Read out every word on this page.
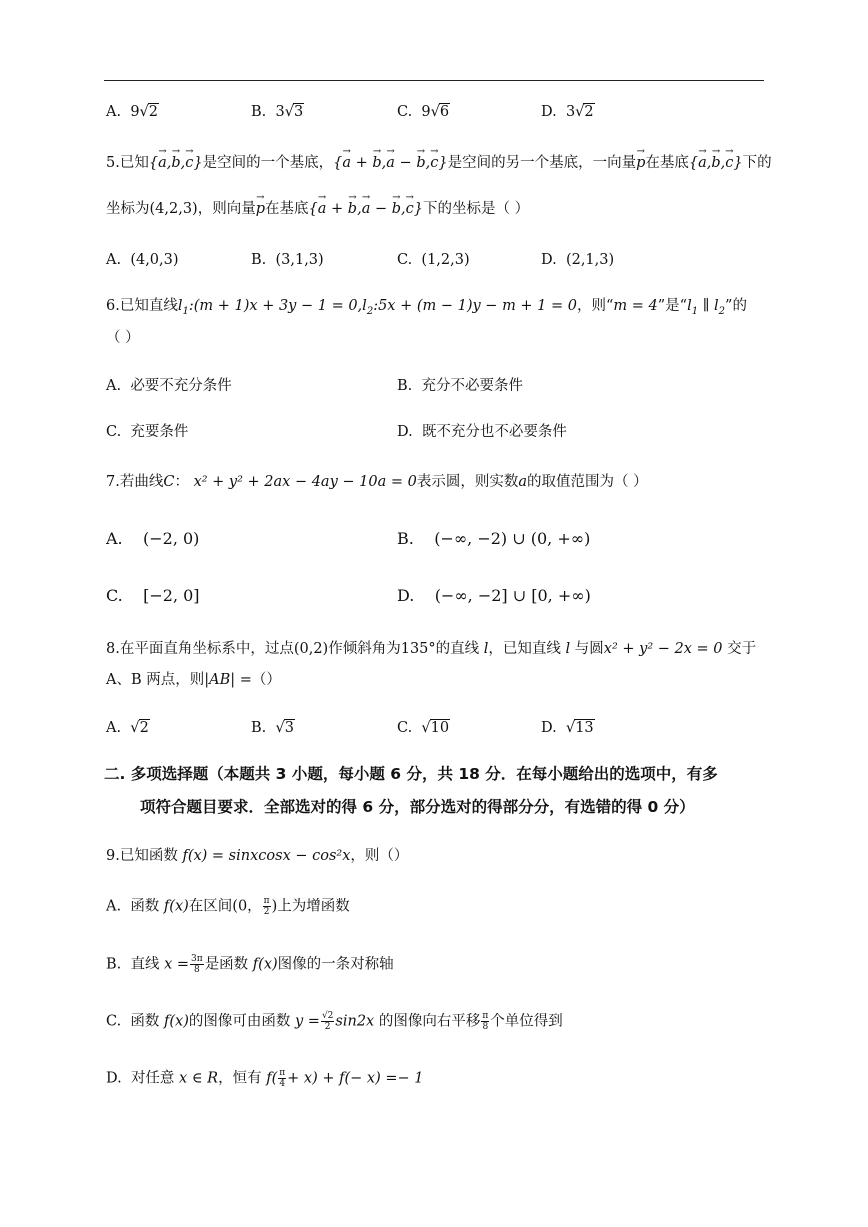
A. 9√2	B. 3√3	C. 9√6	D. 3√2
5.已知{→ a,→ b,→ c}是空间的一个基底，{→ a + → b,→ a − → b,→ c}是空间的另一个基底，一向量→ p在基底{→ a,→ b,→ c}下的
坐标为(4,2,3)，则向量→ p在基底{→ a + → b,→ a − → b,→ c}下的坐标是（ ）
A. (4,0,3)	B. (3,1,3)	C. (1,2,3)	D. (2,1,3)
6.已知直线$l_1:(m + 1)x + 3y - 1$ = $0,l_2:5x + (m - 1)y - m + 1 = 0$，则“m = 4”是“$l_1$ ∥ $l_2$”的
（ ）
A. 必要不充分条件	B. 充分不必要条件
C. 充要条件	D. 既不充分也不必要条件
7.若曲线C： x² + y² + 2ax − 4ay − 10a = 0表示圆，则实数a的取值范围为（ ）
A. (−2, 0)	B. (−∞, −2) ∪ (0, +∞)
C. [−2, 0]	D. (−∞, −2] ∪ [0, +∞)
8.在平面直角坐标系中，过点(0,2)作倾斜角为135°的直线 l，已知直线 l 与圆x² + y² − 2x = 0 交于
A、B 两点，则|AB| =（）
A.  √2	B.  √3	C.  √10	D.  √13
二. 多项选择题（本题共 3 小题，每小题 6 分，共 18 分．在每小题给出的选项中，有多
项符合题目要求．全部选对的得 6 分，部分选对的得部分分，有选错的得 0 分）
9.已知函数 f(x) = sinxcosx − cos²x，则（）
A. 函数 f(x)在区间(0， $\frac{\pi}{2}$ )上为增函数
B. 直线 $x = \frac{3\pi}{8}$ 是函数 f(x)图像的一条对称轴
C. 函数 f(x)的图像可由函数 $y = \frac{√2}{2} \sin 2x$ 的图像向右平移 $\frac{\pi}{8}$ 个单位得到
D. 对任意 x ∈ R，恒有 $f( \frac{\pi}{4} + x) + f(- x) =- 1$
